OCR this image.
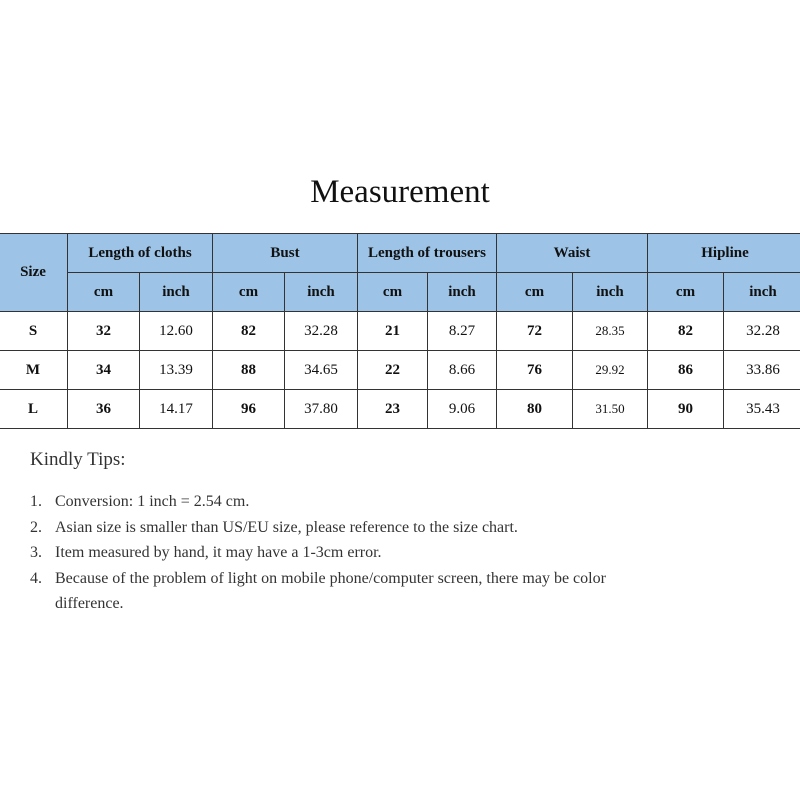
Measurement
Size	Length of cloths		Bust		Length of trousers		Waist		Hipline	
	cm	inch	cm	inch	cm	inch	cm	inch	cm	inch
S	32	12.60	82	32.28	21	8.27	72	28.35	82	32.28
M	34	13.39	88	34.65	22	8.66	76	29.92	86	33.86
L	36	14.17	96	37.80	23	9.06	80	31.50	90	35.43
Kindly Tips:
1. Conversion: 1 inch = 2.54 cm.
2. Asian size is smaller than US/EU size, please reference to the size chart.
3. Item measured by hand, it may have a 1-3cm error.
4. Because of the problem of light on mobile phone/computer screen, there may be color difference.
